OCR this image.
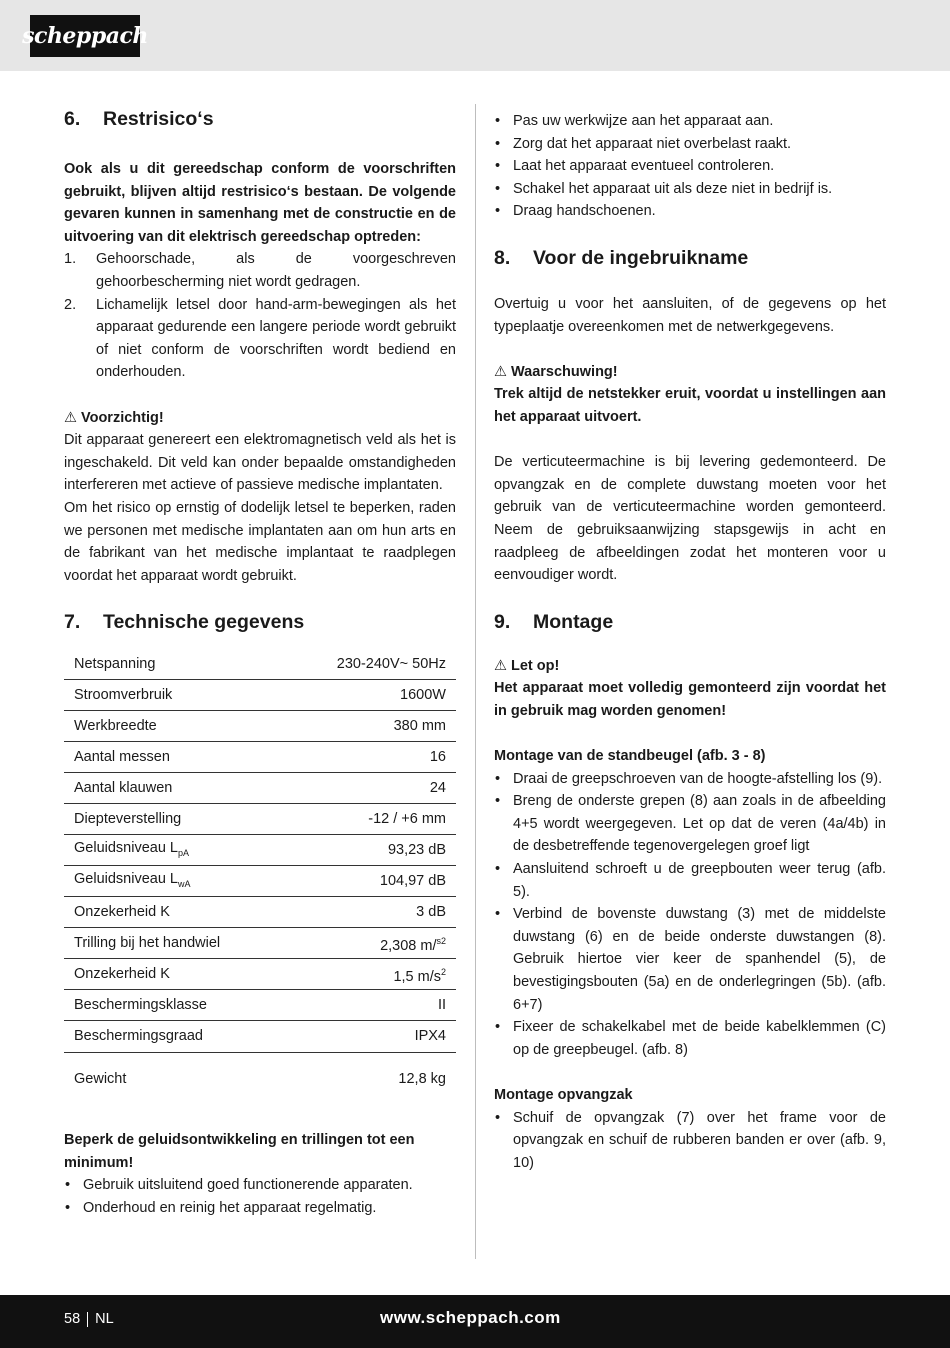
scheppach
6.	Restrisico‘s

Ook als u dit gereedschap conform de voorschriften gebruikt, blijven altijd restrisico‘s bestaan. De volgende gevaren kunnen in samenhang met de constructie en de uitvoering van dit elektrisch gereedschap optreden:

1. Gehoorschade, als de voorgeschreven gehoorbescherming niet wordt gedragen.
2. Lichamelijk letsel door hand-arm-bewegingen als het apparaat gedurende een langere periode wordt gebruikt of niet conform de voorschriften wordt bediend en onderhouden.

⚠ Voorzichtig!

Dit apparaat genereert een elektromagnetisch veld als het is ingeschakeld. Dit veld kan onder bepaalde omstandigheden interfereren met actieve of passieve medische implantaten.

Om het risico op ernstig of dodelijk letsel te beperken, raden we personen met medische implantaten aan om hun arts en de fabrikant van het medische implantaat te raadplegen voordat het apparaat wordt gebruikt.

7.	Technische gegevens
Netspanning	230-240V~ 50Hz
Stroomverbruik	1600W
Werkbreedte	380 mm
Aantal messen	16
Aantal klauwen	24
Diepteverstelling	-12 / +6 mm
Geluidsniveau $L_{pA}$	93,23 dB
Geluidsniveau $L_{wA}$	104,97 dB
Onzekerheid K	3 dB
Trilling bij het handwiel	2,308 m/$^{s2}$
Onzekerheid K	1,5 $m/s^2$
Beschermingsklasse	II
Beschermingsgraad	IPX4
Gewicht	12,8 kg

Beperk de geluidsontwikkeling en trillingen tot een minimum!

• Gebruik uitsluitend goed functionerende apparaten.
• Onderhoud en reinig het apparaat regelmatig.
• Pas uw werkwijze aan het apparaat aan.
• Zorg dat het apparaat niet overbelast raakt.
• Laat het apparaat eventueel controleren.
• Schakel het apparaat uit als deze niet in bedrijf is.
• Draag handschoenen.
8.	Voor de ingebruikname

Overtuig u voor het aansluiten, of de gegevens op het typeplaatje overeenkomen met de netwerkgegevens.

⚠ Waarschuwing!

Trek altijd de netstekker eruit, voordat u instellingen aan het apparaat uitvoert.

De verticuteermachine is bij levering gedemonteerd. De opvangzak en de complete duwstang moeten voor het gebruik van de verticuteermachine worden gemonteerd. Neem de gebruiksaanwijzing stapsgewijs in acht en raadpleeg de afbeeldingen zodat het monteren voor u eenvoudiger wordt.

9.	Montage

⚠ Let op!

Het apparaat moet volledig gemonteerd zijn voordat het in gebruik mag worden genomen!

Montage van de standbeugel (afb. 3 - 8)

• Draai de greepschroeven van de hoogte-afstelling los (9).
• Breng de onderste grepen (8) aan zoals in de afbeelding 4+5 wordt weergegeven. Let op dat de veren (4a/4b) in de desbetreffende tegenovergelegen groef ligt
• Aansluitend schroeft u de greepbouten weer terug (afb. 5).
• Verbind de bovenste duwstang (3) met de middelste duwstang (6) en de beide onderste duwstangen (8). Gebruik hiertoe vier keer de spanhendel (5), de bevestigingsbouten (5a) en de onderlegringen (5b). (afb. 6+7)
• Fixeer de schakelkabel met de beide kabelklemmen (C) op de greepbeugel. (afb. 8)

Montage opvangzak

• Schuif de opvangzak (7) over het frame voor de opvangzak en schuif de rubberen banden er over (afb. 9, 10)
58 NL	www.scheppach.com
